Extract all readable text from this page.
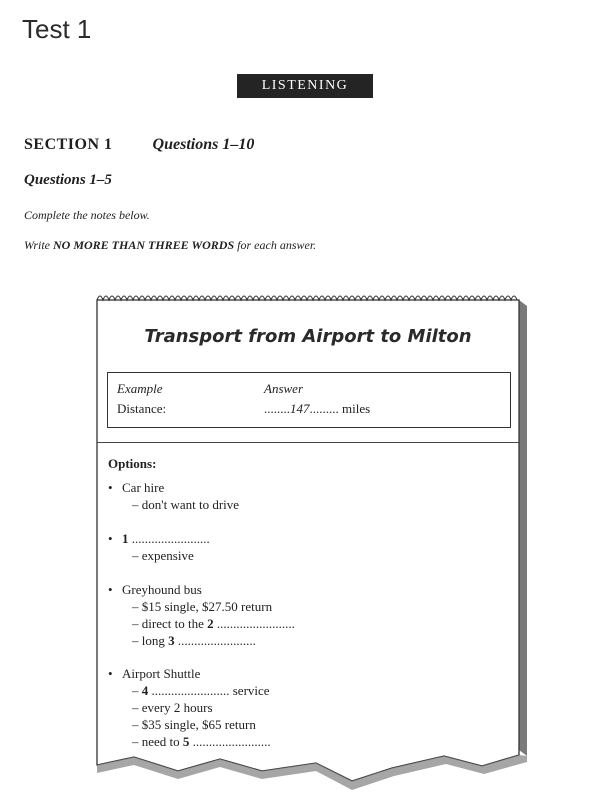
Test 1
LISTENING
SECTION 1	Questions 1–10
Questions 1–5
Complete the notes below.
Write NO MORE THAN THREE WORDS for each answer.
Transport from Airport to Milton
Example	Answer
Distance:	........147......... miles
Options:
• Car hire
– don't want to drive
• 1 ........................
– expensive
• Greyhound bus
– $15 single, $27.50 return
– direct to the 2 ........................
– long 3 ........................
• Airport Shuttle
– 4 ........................ service
– every 2 hours
– $35 single, $65 return
– need to 5 ........................
